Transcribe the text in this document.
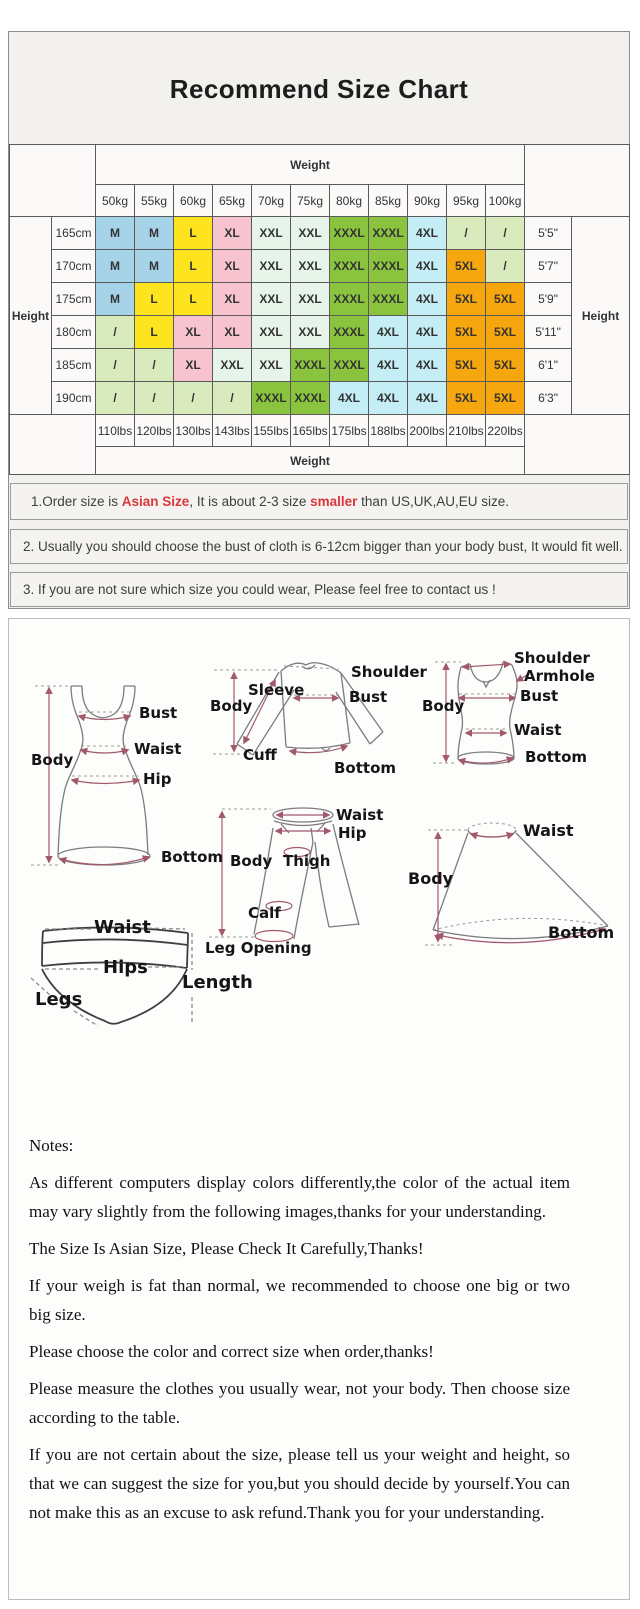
Recommend Size Chart
		Weight												
		50kg	55kg	60kg	65kg	70kg	75kg	80kg	85kg	90kg	95kg	100kg		
Height	165cm	M	M	L	XL	XXL	XXL	XXXL	XXXL	4XL	/	/	5'5"	Height
	170cm	M	M	L	XL	XXL	XXL	XXXL	XXXL	4XL	5XL	/	5'7"	
	175cm	M	L	L	XL	XXL	XXL	XXXL	XXXL	4XL	5XL	5XL	5'9"	
	180cm	/	L	XL	XL	XXL	XXL	XXXL	4XL	4XL	5XL	5XL	5'11"	
	185cm	/	/	XL	XXL	XXL	XXXL	XXXL	4XL	4XL	5XL	5XL	6'1"	
	190cm	/	/	/	/	XXXL	XXXL	4XL	4XL	4XL	5XL	5XL	6'3"	
		110lbs	120lbs	130lbs	143lbs	155lbs	165lbs	175lbs	188lbs	200lbs	210lbs	220lbs		
		Weight												
1.Order size is Asian Size, It is about 2-3 size smaller than US,UK,AU,EU size.
2. Usually you should choose the bust of cloth is 6-12cm bigger than your body bust, It would fit well.
3. If you are not sure which size you could wear, Please feel free to contact us !
Bust
Waist
Hip
Body
Bottom
Sleeve
Shoulder
Body	Bust
Cuff
Bottom
Shoulder
Armhole
Body
Bust
Waist
Bottom
Waist
Hip
Body Thigh
Calf
Leg Opening
Waist
Body
Bottom
Waist
Hips
Legs
Length

Notes:

As different computers display colors differently,the color of the actual item may vary slightly from the following images,thanks for your understanding.

The Size Is Asian Size, Please Check It Carefully,Thanks!

If your weigh is fat than normal, we recommended to choose one big or two big size.

Please choose the color and correct size when order,thanks!

Please measure the clothes you usually wear, not your body. Then choose size according to the table.

If you are not certain about the size, please tell us your weight and height, so that we can suggest the size for you,but you should decide by yourself.You can not make this as an excuse to ask refund.Thank you for your understanding.
